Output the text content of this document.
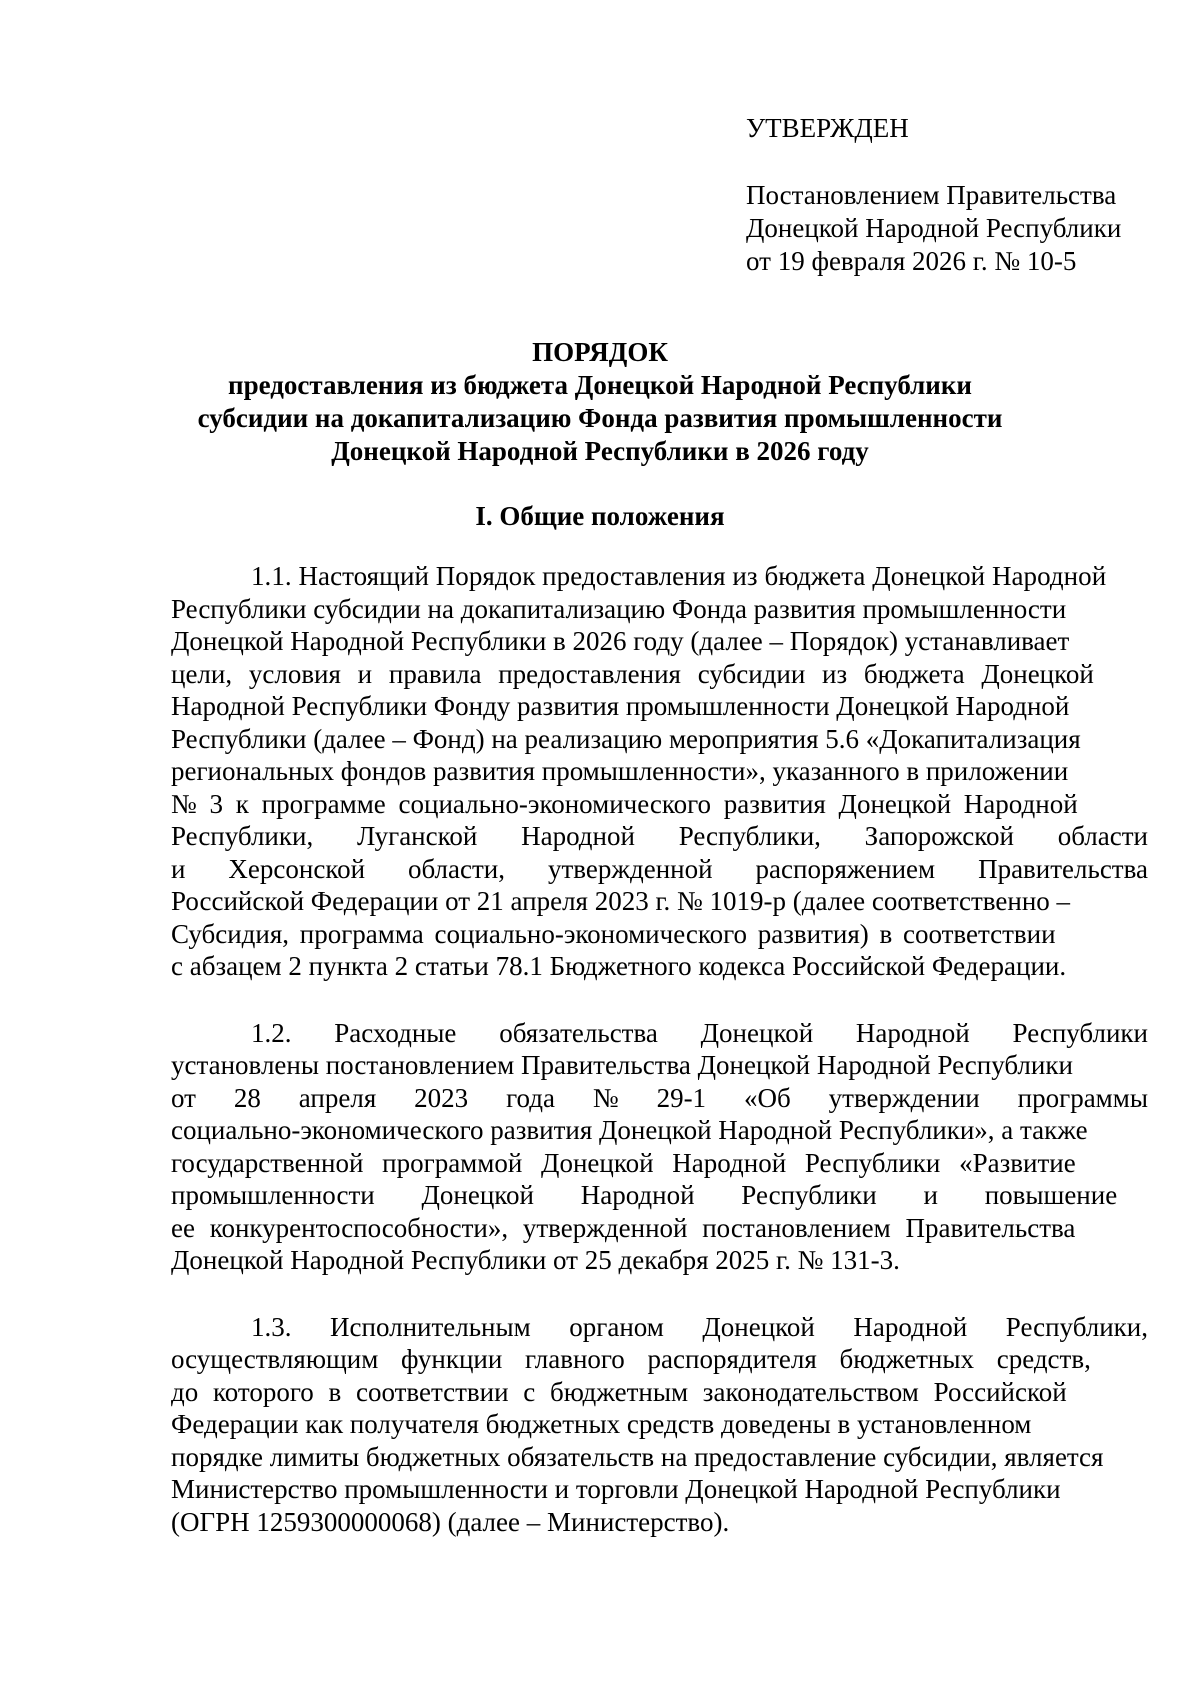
УТВЕРЖДЕН
Постановлением Правительства
Донецкой Народной Республики
от 19 февраля 2026 г. № 10-5
ПОРЯДОК
предоставления из бюджета Донецкой Народной Республики
субсидии на докапитализацию Фонда развития промышленности
Донецкой Народной Республики в 2026 году
I. Общие положения
1.1. Настоящий Порядок предоставления из бюджета Донецкой Народной
Республики субсидии на докапитализацию Фонда развития промышленности
Донецкой Народной Республики в 2026 году (далее – Порядок) устанавливает
цели, условия и правила предоставления субсидии из бюджета Донецкой
Народной Республики Фонду развития промышленности Донецкой Народной
Республики (далее – Фонд) на реализацию мероприятия 5.6 «Докапитализация
региональных фондов развития промышленности», указанного в приложении
№ 3 к программе социально-экономического развития Донецкой Народной
Республики, Луганской Народной Республики, Запорожской области
и Херсонской области, утвержденной распоряжением Правительства
Российской Федерации от 21 апреля 2023 г. № 1019-р (далее соответственно –
Субсидия, программа социально-экономического развития) в соответствии
с абзацем 2 пункта 2 статьи 78.1 Бюджетного кодекса Российской Федерации.
1.2. Расходные обязательства Донецкой Народной Республики
установлены постановлением Правительства Донецкой Народной Республики
от 28 апреля 2023 года № 29-1 «Об утверждении программы
социально-экономического развития Донецкой Народной Республики», а также
государственной программой Донецкой Народной Республики «Развитие
промышленности Донецкой Народной Республики и повышение
ее конкурентоспособности», утвержденной постановлением Правительства
Донецкой Народной Республики от 25 декабря 2025 г. № 131-3.
1.3. Исполнительным органом Донецкой Народной Республики,
осуществляющим функции главного распорядителя бюджетных средств,
до которого в соответствии с бюджетным законодательством Российской
Федерации как получателя бюджетных средств доведены в установленном
порядке лимиты бюджетных обязательств на предоставление субсидии, является
Министерство промышленности и торговли Донецкой Народной Республики
(ОГРН 1259300000068) (далее – Министерство).
